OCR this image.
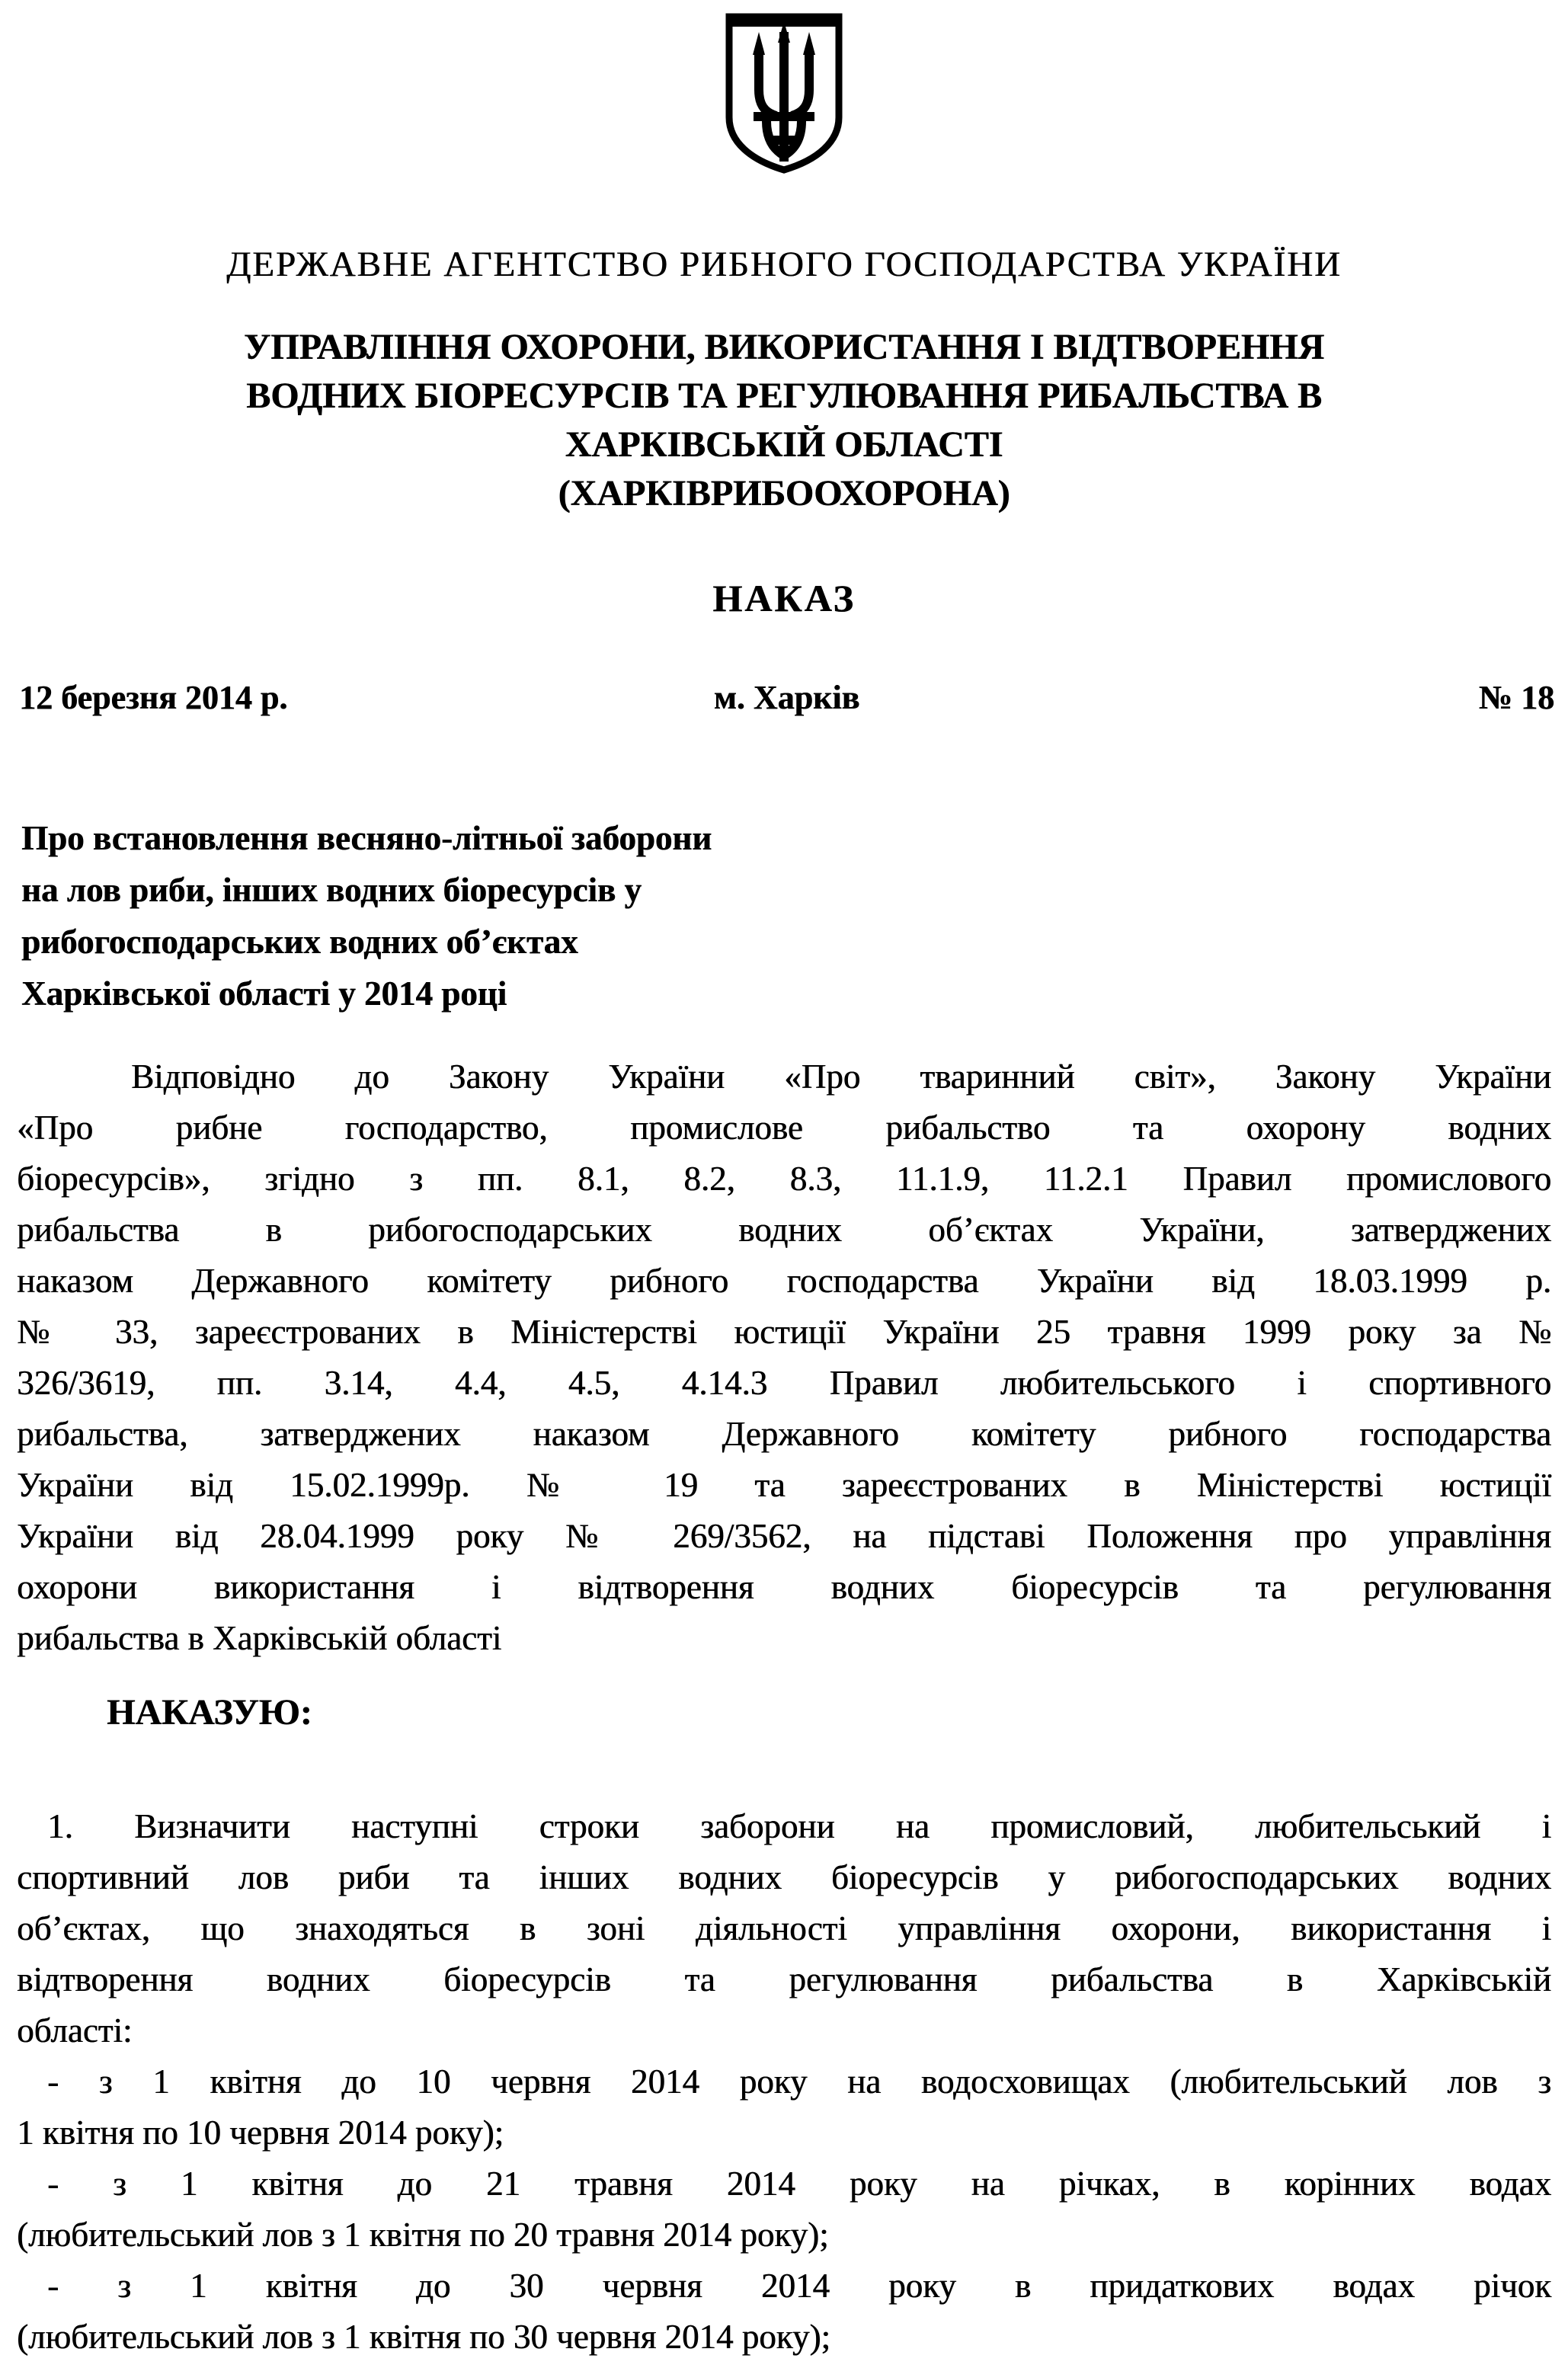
ДЕРЖАВНЕ АГЕНТСТВО РИБНОГО ГОСПОДАРСТВА УКРАЇНИ
УПРАВЛІННЯ ОХОРОНИ, ВИКОРИСТАННЯ І ВІДТВОРЕННЯ
ВОДНИХ БІОРЕСУРСІВ ТА РЕГУЛЮВАННЯ РИБАЛЬСТВА В
ХАРКІВСЬКІЙ ОБЛАСТІ
(ХАРКІВРИБООХОРОНА)
НАКАЗ
12 березня 2014 р.	м. Харків	№ 18
Про встановлення весняно-літньої заборони
на лов риби, інших водних біоресурсів у
рибогосподарських водних об’єктах
Харківської області у 2014 році
Відповідно до Закону України «Про тваринний світ», Закону України
«Про рибне господарство, промислове рибальство та охорону водних
біоресурсів», згідно з пп. 8.1, 8.2, 8.3, 11.1.9, 11.2.1 Правил промислового
рибальства в рибогосподарських водних об’єктах України, затверджених
наказом Державного комітету рибного господарства України від 18.03.1999 р.
№ 33, зареєстрованих в Міністерстві юстиції України 25 травня 1999 року за №
326/3619, пп. 3.14, 4.4, 4.5, 4.14.3 Правил любительського і спортивного
рибальства, затверджених наказом Державного комітету рибного господарства
України від 15.02.1999р. № 19 та зареєстрованих в Міністерстві юстиції
України від 28.04.1999 року № 269/3562, на підставі Положення про управління
охорони використання і відтворення водних біоресурсів та регулювання
рибальства в Харківській області
НАКАЗУЮ:
1. Визначити наступні строки заборони на промисловий, любительський і
спортивний лов риби та інших водних біоресурсів у рибогосподарських водних
об’єктах, що знаходяться в зоні діяльності управління охорони, використання і
відтворення водних біоресурсів та регулювання рибальства в Харківській
області:
- з 1 квітня до 10 червня 2014 року на водосховищах (любительський лов з
1 квітня по 10 червня 2014 року);
- з 1 квітня до 21 травня 2014 року на річках, в корінних водах
(любительський лов з 1 квітня по 20 травня 2014 року);
- з 1 квітня до 30 червня 2014 року в придаткових водах річок
(любительський лов з 1 квітня по 30 червня 2014 року);
